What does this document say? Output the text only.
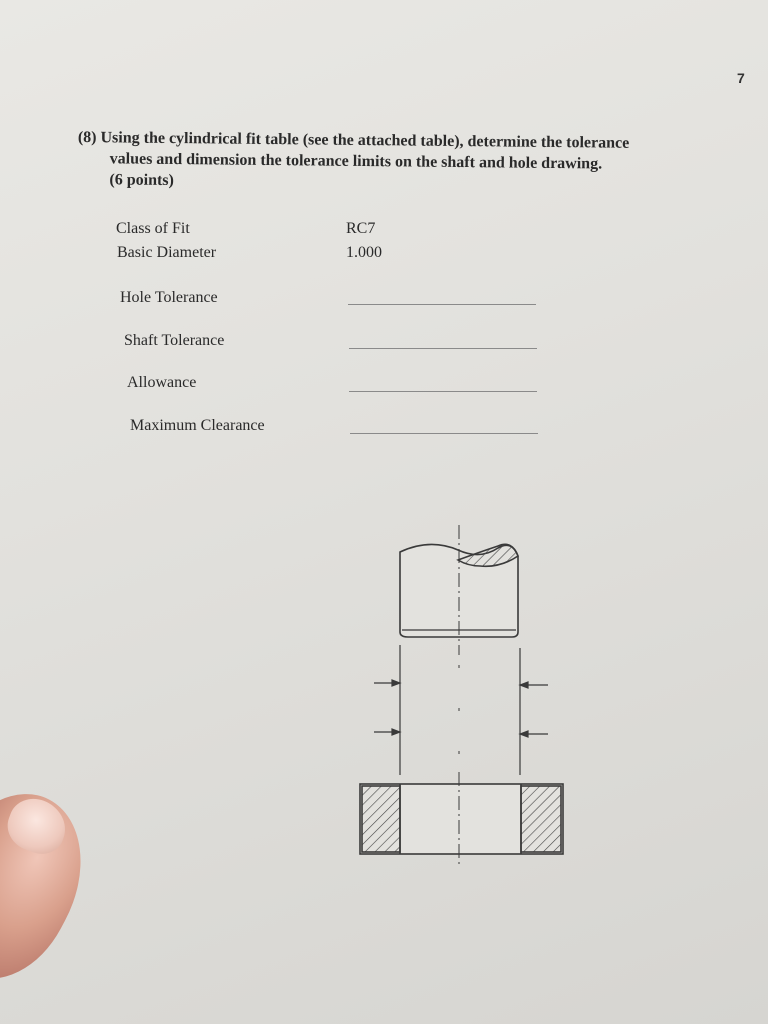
7
(8) Using the cylindrical fit table (see the attached table), determine the tolerance
values and dimension the tolerance limits on the shaft and hole drawing.
(6 points)
Class of Fit	RC7
Basic Diameter	1.000
Hole Tolerance
Shaft Tolerance
Allowance
Maximum Clearance
